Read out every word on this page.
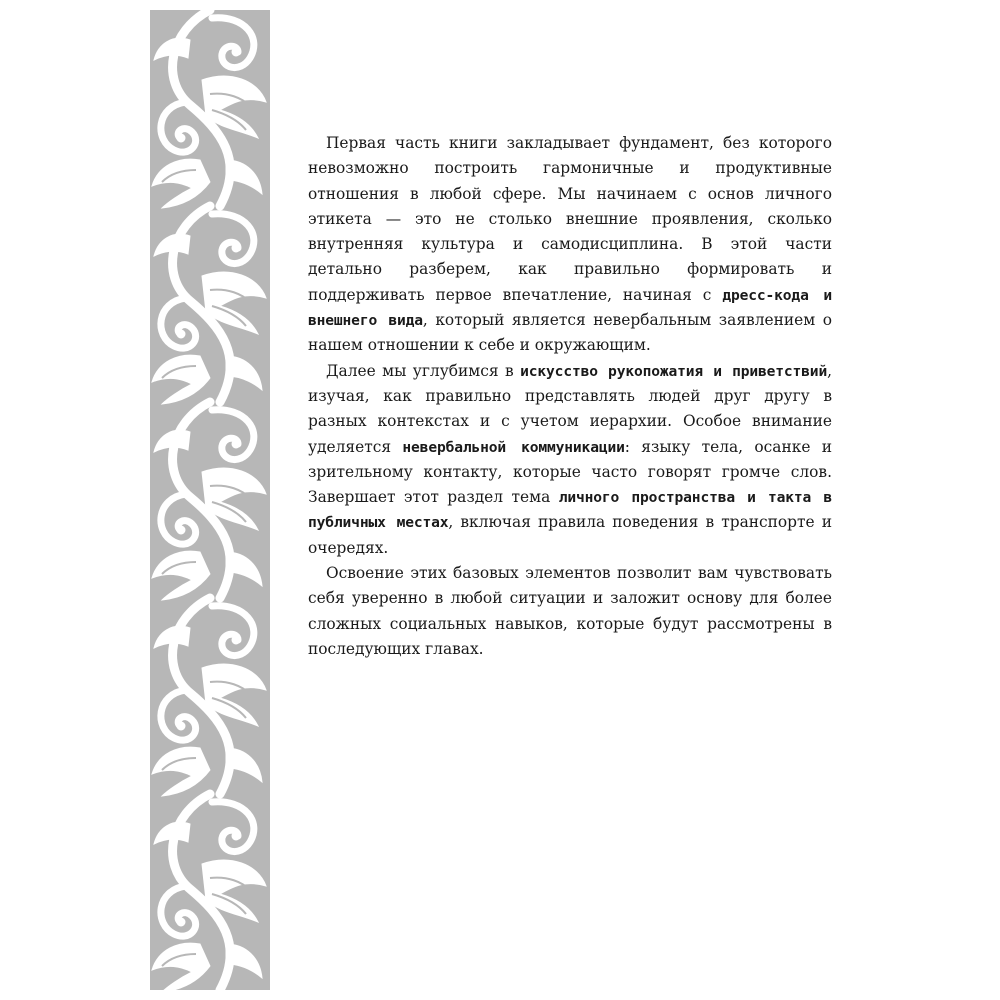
Первая часть книги закладывает фундамент, без которого невозможно построить гармоничные и продуктивные отношения в любой сфере. Мы начинаем с основ личного этикета — это не столько внешние проявления, сколько внутренняя культура и самодисциплина. В этой части детально разберем, как правильно формировать и поддерживать первое впечатление, начиная с дресс-кода и внешнего вида, который является невербальным заявлением о нашем отношении к себе и окружающим.

Далее мы углубимся в искусство рукопожатия и приветствий, изучая, как правильно представлять людей друг другу в разных контекстах и с учетом иерархии. Особое внимание уделяется невербальной коммуникации: языку тела, осанке и зрительному контакту, которые часто говорят громче слов. Завершает этот раздел тема личного пространства и такта в публичных местах, включая правила поведения в транспорте и очередях.

Освоение этих базовых элементов позволит вам чувствовать себя уверенно в любой ситуации и заложит основу для более сложных социальных навыков, которые будут рассмотрены в последующих главах.
